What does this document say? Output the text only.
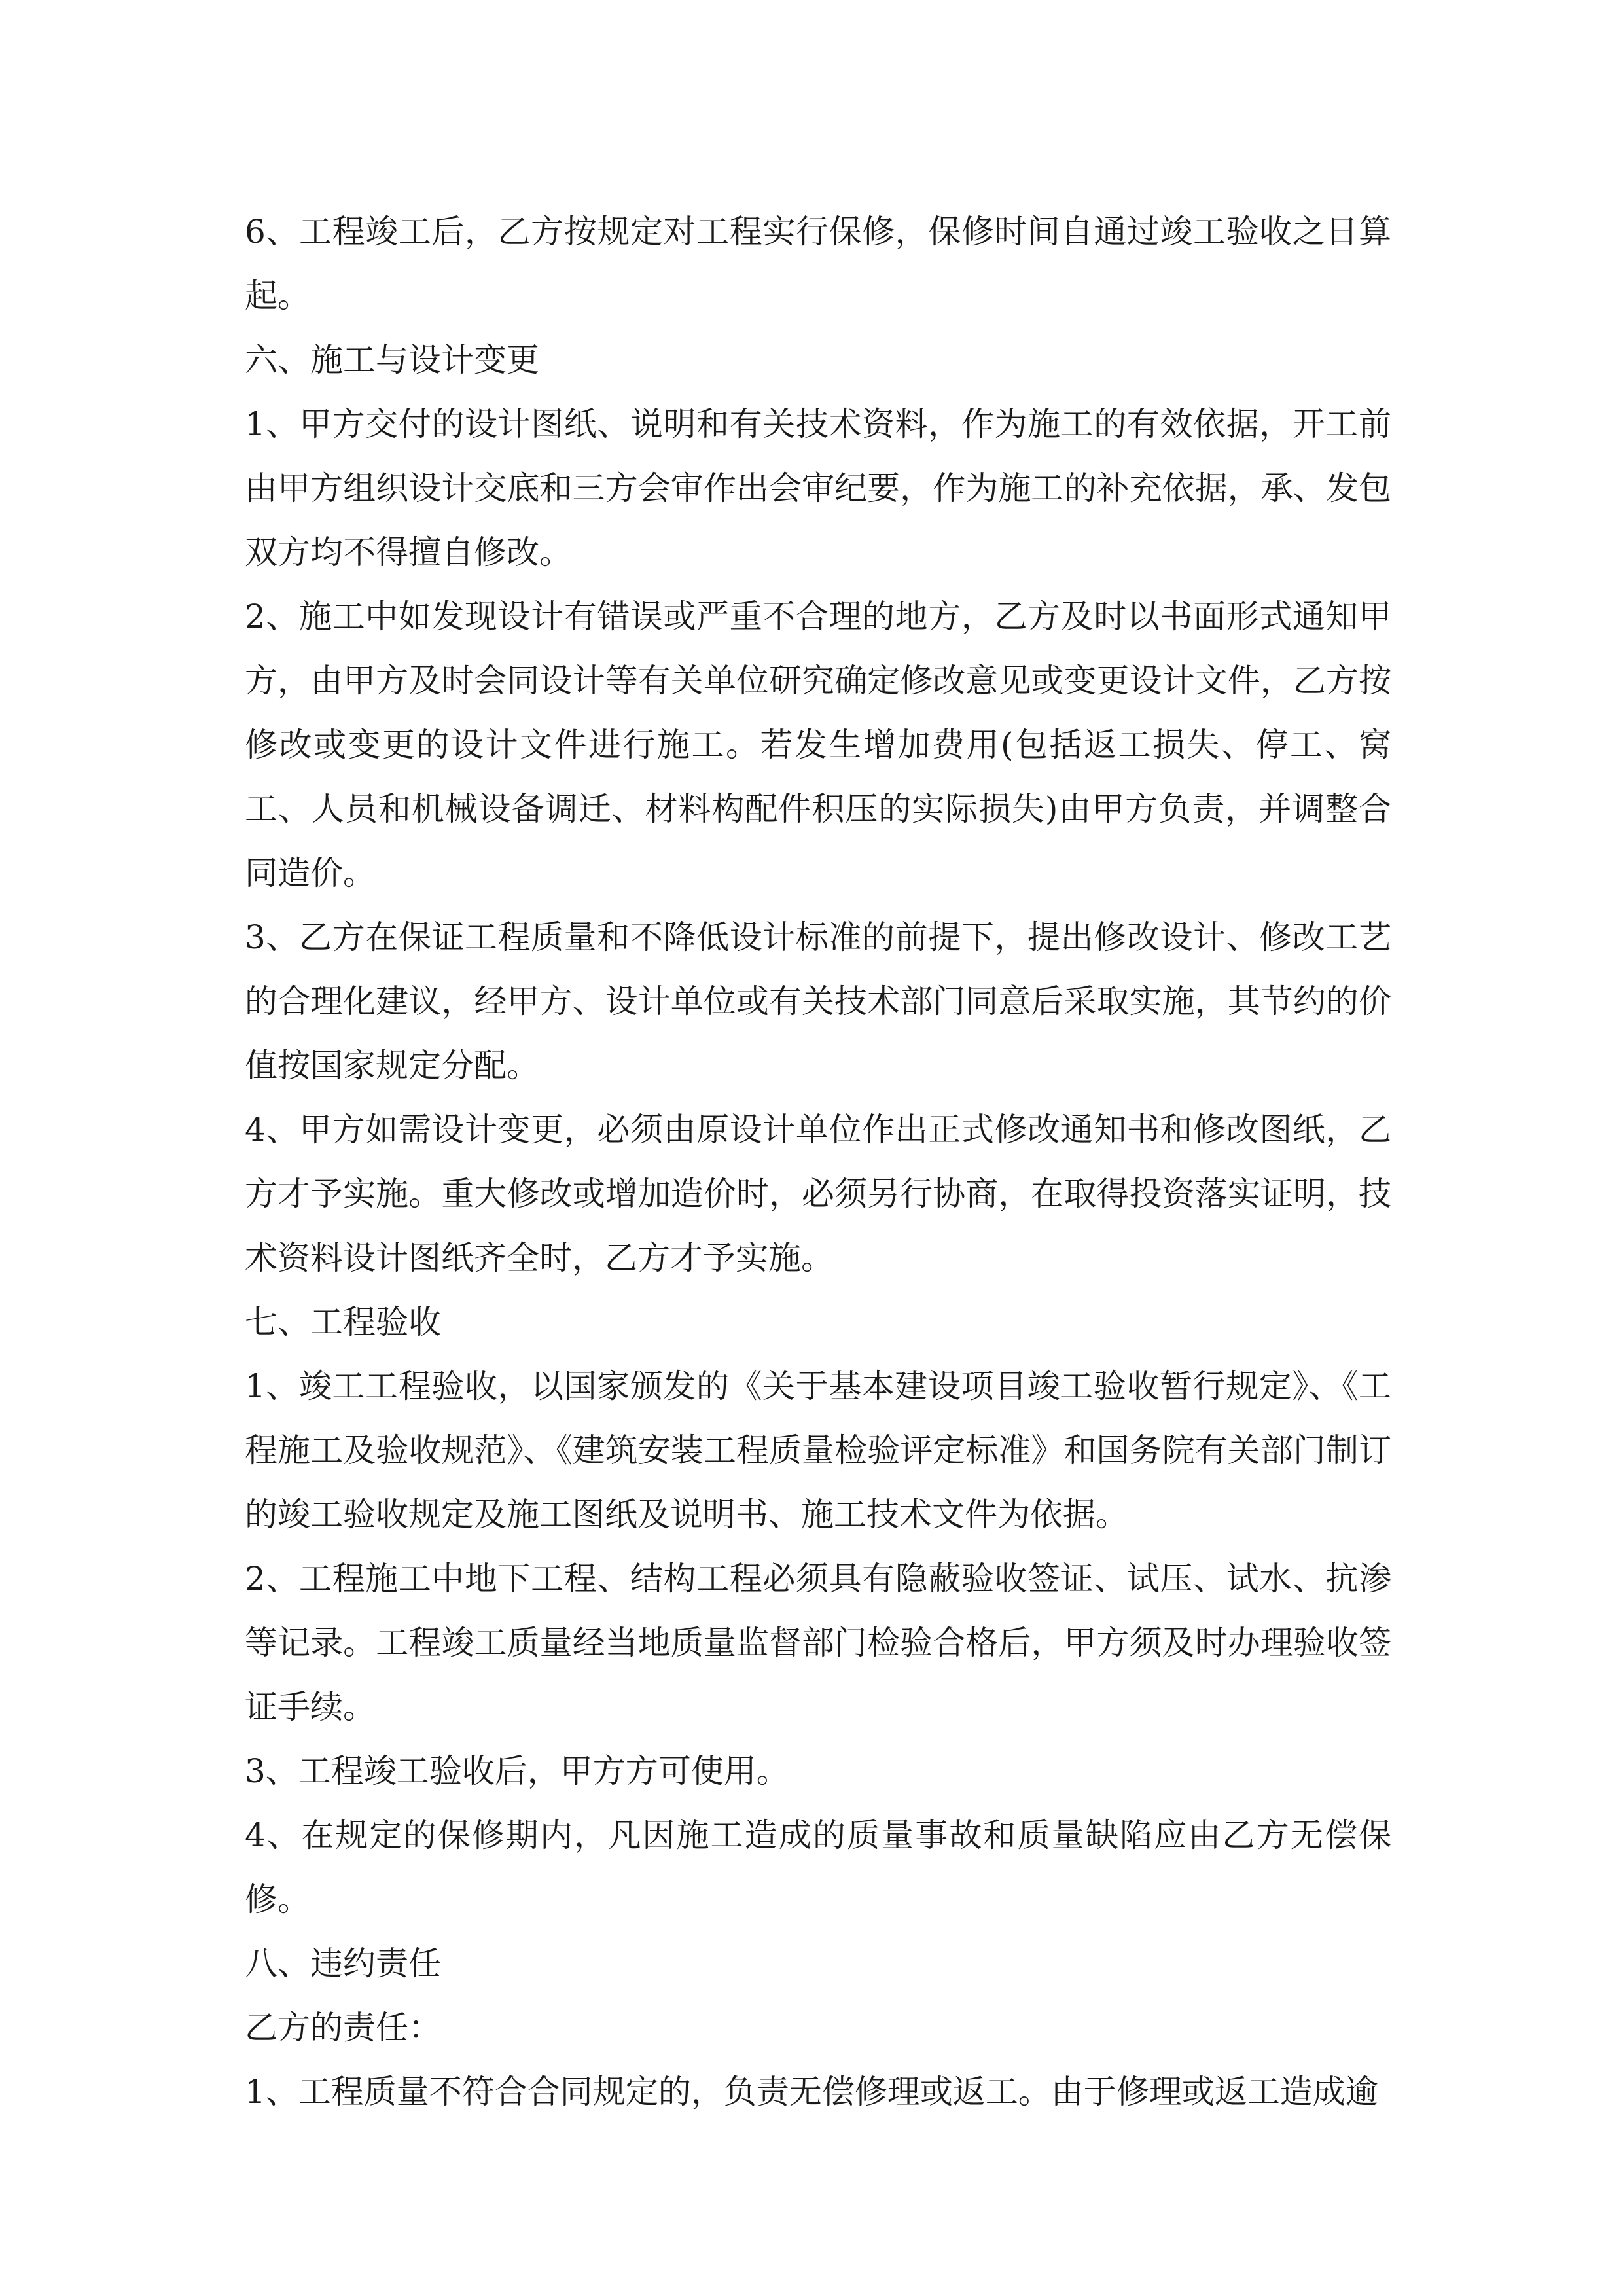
6、工程竣工后，乙方按规定对工程实行保修，保修时间自通过竣工验收之日算起。

六、施工与设计变更

1、甲方交付的设计图纸、说明和有关技术资料，作为施工的有效依据，开工前由甲方组织设计交底和三方会审作出会审纪要，作为施工的补充依据，承、发包双方均不得擅自修改。

2、施工中如发现设计有错误或严重不合理的地方，乙方及时以书面形式通知甲方，由甲方及时会同设计等有关单位研究确定修改意见或变更设计文件，乙方按修改或变更的设计文件进行施工。若发生增加费用(包括返工损失、停工、窝工、人员和机械设备调迁、材料构配件积压的实际损失)由甲方负责，并调整合同造价。

3、乙方在保证工程质量和不降低设计标准的前提下，提出修改设计、修改工艺的合理化建议，经甲方、设计单位或有关技术部门同意后采取实施，其节约的价值按国家规定分配。

4、甲方如需设计变更，必须由原设计单位作出正式修改通知书和修改图纸，乙方才予实施。重大修改或增加造价时，必须另行协商，在取得投资落实证明，技术资料设计图纸齐全时，乙方才予实施。

七、工程验收

1、竣工工程验收，以国家颁发的《关于基本建设项目竣工验收暂行规定》、《工程施工及验收规范》、《建筑安装工程质量检验评定标准》和国务院有关部门制订的竣工验收规定及施工图纸及说明书、施工技术文件为依据。

2、工程施工中地下工程、结构工程必须具有隐蔽验收签证、试压、试水、抗渗等记录。工程竣工质量经当地质量监督部门检验合格后，甲方须及时办理验收签证手续。

3、工程竣工验收后，甲方方可使用。

4、在规定的保修期内，凡因施工造成的质量事故和质量缺陷应由乙方无偿保修。

八、违约责任

乙方的责任：

1、工程质量不符合合同规定的，负责无偿修理或返工。由于修理或返工造成逾
